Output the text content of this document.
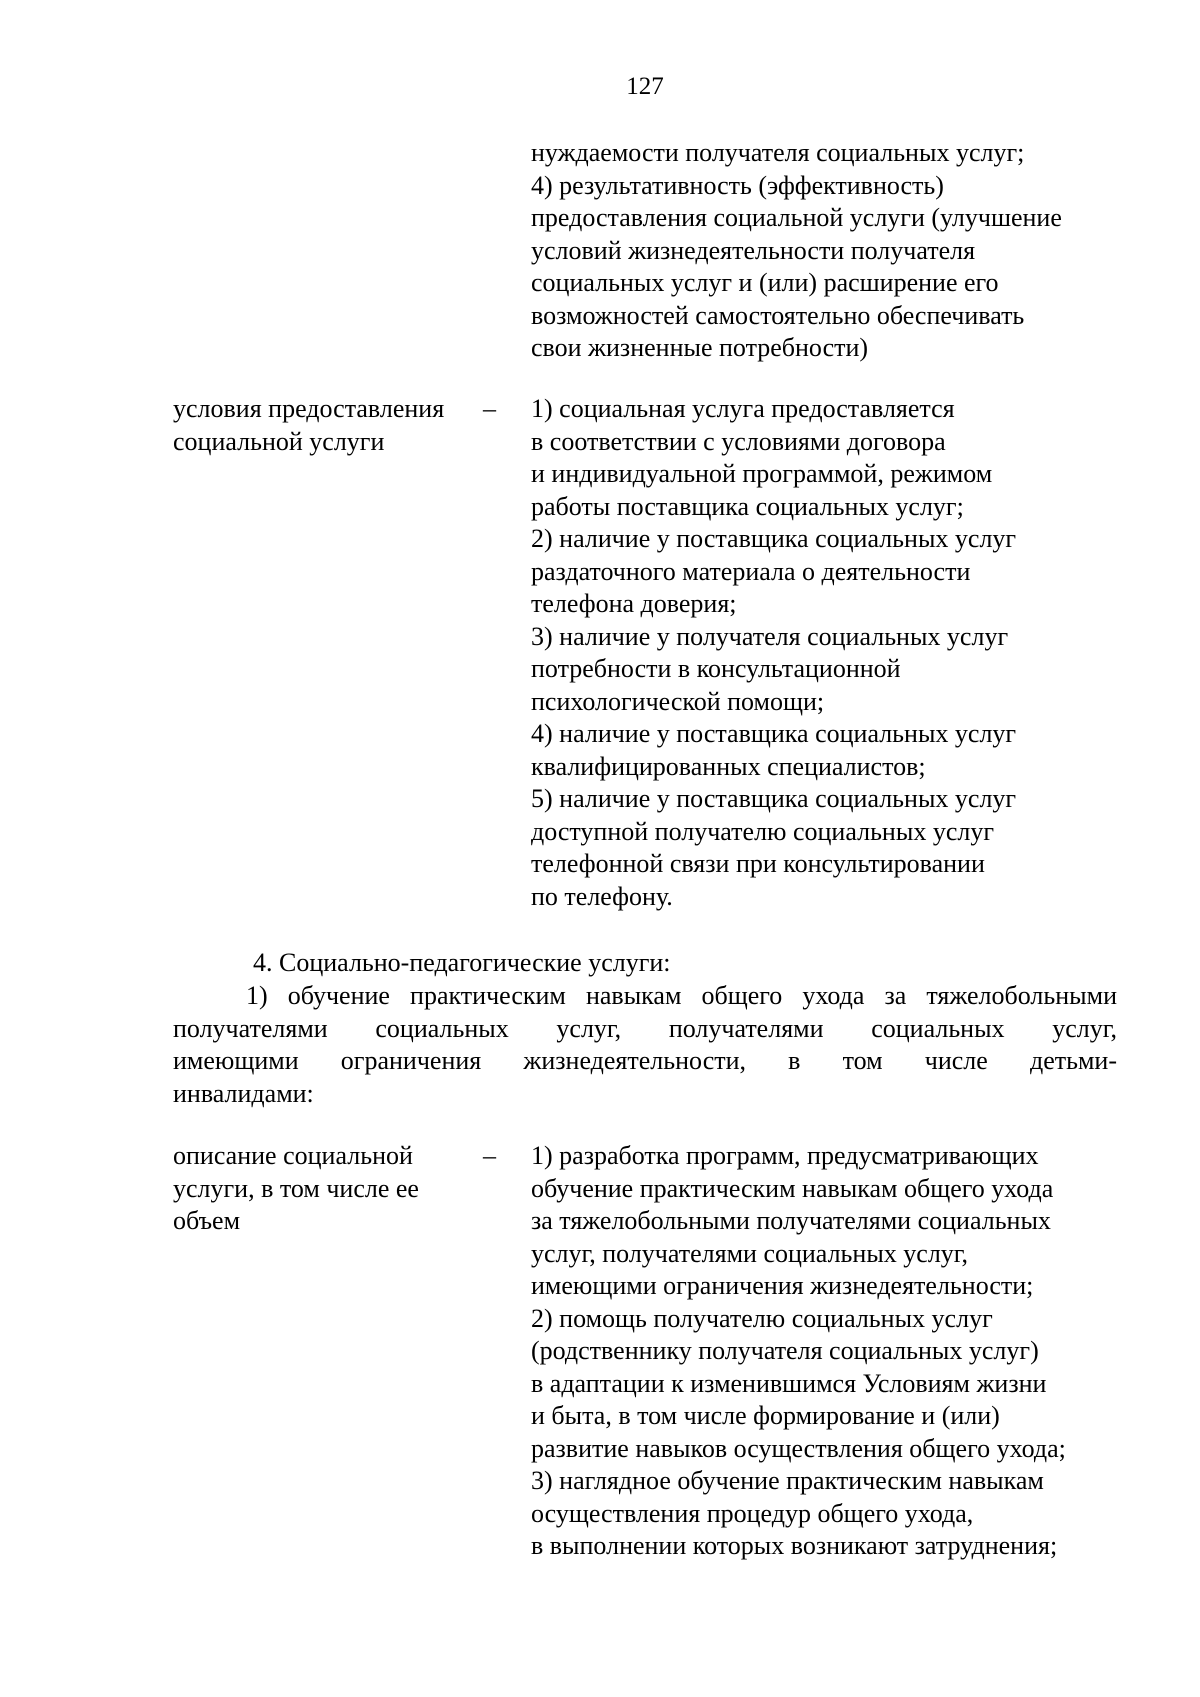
127
нуждаемости получателя социальных услуг;
4) результативность (эффективность)
предоставления социальной услуги (улучшение
условий жизнедеятельности получателя
социальных услуг и (или) расширение его
возможностей самостоятельно обеспечивать
свои жизненные потребности)
условия предоставления
социальной услуги
– 1) социальная услуга предоставляется
в соответствии с условиями договора
и индивидуальной программой, режимом
работы поставщика социальных услуг;
2) наличие у поставщика социальных услуг
раздаточного материала о деятельности
телефона доверия;
3) наличие у получателя социальных услуг
потребности в консультационной
психологической помощи;
4) наличие у поставщика социальных услуг
квалифицированных специалистов;
5) наличие у поставщика социальных услуг
доступной получателю социальных услуг
телефонной связи при консультировании
по телефону.
4. Социально-педагогические услуги:
1) обучение практическим навыкам общего ухода за тяжелобольными
получателями социальных услуг, получателями социальных услуг,
имеющими ограничения жизнедеятельности, в том числе детьми-
инвалидами:
описание социальной
услуги, в том числе ее
объем
– 1) разработка программ, предусматривающих
обучение практическим навыкам общего ухода
за тяжелобольными получателями социальных
услуг, получателями социальных услуг,
имеющими ограничения жизнедеятельности;
2) помощь получателю социальных услуг
(родственнику получателя социальных услуг)
в адаптации к изменившимся Условиям жизни
и быта, в том числе формирование и (или)
развитие навыков осуществления общего ухода;
3) наглядное обучение практическим навыкам
осуществления процедур общего ухода,
в выполнении которых возникают затруднения;
